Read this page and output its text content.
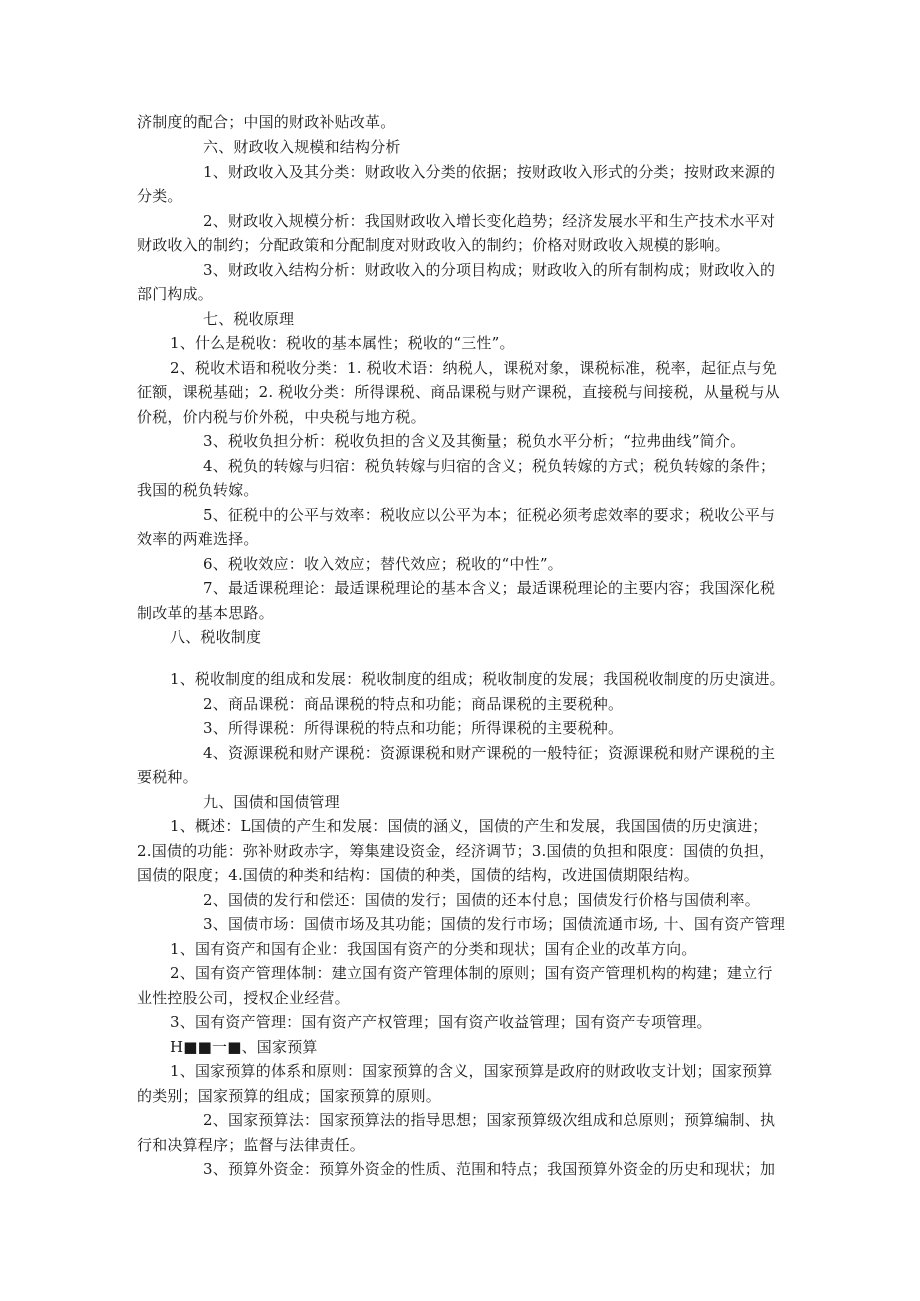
济制度的配合；中国的财政补贴改革。
六、财政收入规模和结构分析
1、财政收入及其分类：财政收入分类的依据；按财政收入形式的分类；按财政来源的
分类。
2、财政收入规模分析：我国财政收入增长变化趋势；经济发展水平和生产技术水平对
财政收入的制约；分配政策和分配制度对财政收入的制约；价格对财政收入规模的影响。
3、财政收入结构分析：财政收入的分项目构成；财政收入的所有制构成；财政收入的
部门构成。
七、税收原理
1、什么是税收：税收的基本属性；税收的“三性”。
2、税收术语和税收分类：1. 税收术语：纳税人，课税对象，课税标准，税率，起征点与免
征额，课税基础；2. 税收分类：所得课税、商品课税与财产课税，直接税与间接税，从量税与从
价税，价内税与价外税，中央税与地方税。
3、税收负担分析：税收负担的含义及其衡量；税负水平分析；“拉弗曲线”简介。
4、税负的转嫁与归宿：税负转嫁与归宿的含义；税负转嫁的方式；税负转嫁的条件；
我国的税负转嫁。
5、征税中的公平与效率：税收应以公平为本；征税必须考虑效率的要求；税收公平与
效率的两难选择。
6、税收效应：收入效应；替代效应；税收的“中性”。
7、最适课税理论：最适课税理论的基本含义；最适课税理论的主要内容；我国深化税
制改革的基本思路。
八、税收制度
1、税收制度的组成和发展：税收制度的组成；税收制度的发展；我国税收制度的历史演进。
2、商品课税：商品课税的特点和功能；商品课税的主要税种。
3、所得课税：所得课税的特点和功能；所得课税的主要税种。
4、资源课税和财产课税：资源课税和财产课税的一般特征；资源课税和财产课税的主
要税种。
九、国债和国债管理
1、概述：L国债的产生和发展：国债的涵义，国债的产生和发展，我国国债的历史演进；
2.国债的功能：弥补财政赤字，筹集建设资金，经济调节；3.国债的负担和限度：国债的负担，
国债的限度；4.国债的种类和结构：国债的种类，国债的结构，改进国债期限结构。
2、国债的发行和偿还：国债的发行；国债的还本付息；国债发行价格与国债利率。
3、国债市场：国债市场及其功能；国债的发行市场；国债流通市场, 十、国有资产管理
1、国有资产和国有企业：我国国有资产的分类和现状；国有企业的改革方向。
2、国有资产管理体制：建立国有资产管理体制的原则；国有资产管理机构的构建；建立行
业性控股公司，授权企业经营。
3、国有资产管理：国有资产产权管理；国有资产收益管理；国有资产专项管理。
H■■一■、国家预算
1、国家预算的体系和原则：国家预算的含义，国家预算是政府的财政收支计划；国家预算
的类别；国家预算的组成；国家预算的原则。
2、国家预算法：国家预算法的指导思想；国家预算级次组成和总原则；预算编制、执
行和决算程序；监督与法律责任。
3、预算外资金：预算外资金的性质、范围和特点；我国预算外资金的历史和现状；加
